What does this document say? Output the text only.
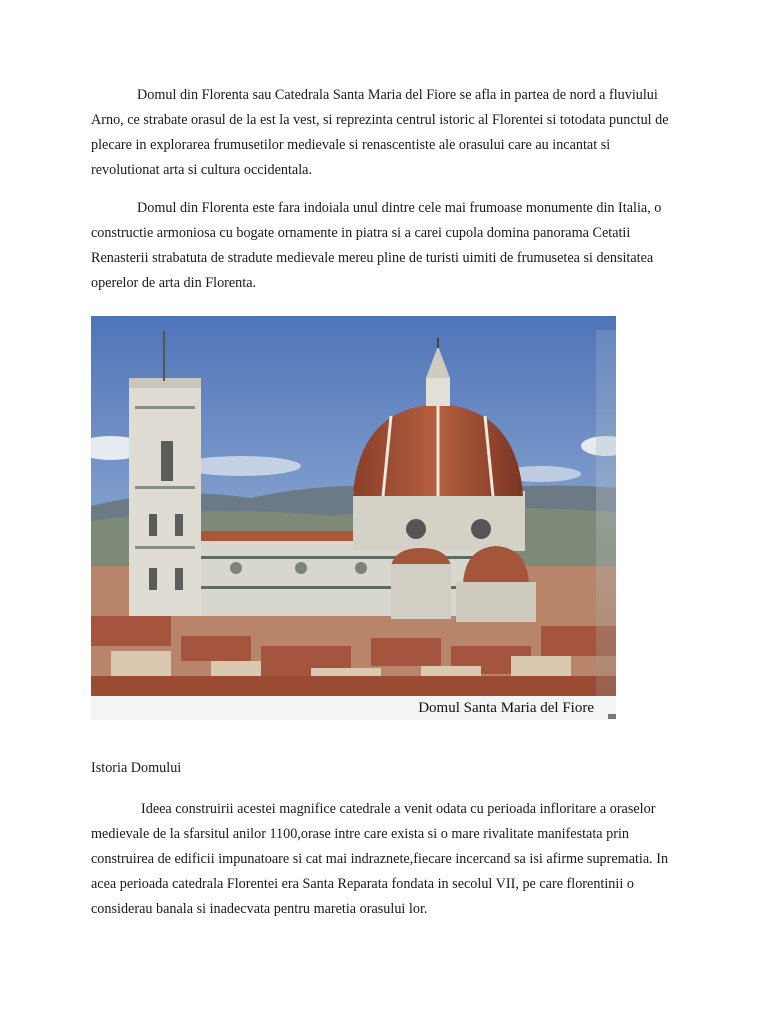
Domul din Florenta sau Catedrala Santa Maria del Fiore se afla in partea de nord a fluviului Arno, ce strabate orasul de la est la vest, si reprezinta centrul istoric al Florentei si totodata punctul de plecare in explorarea frumusetilor medievale si renascentiste ale orasului care au incantat si revolutionat arta si cultura occidentala.

Domul din Florenta este fara indoiala unul dintre cele mai frumoase monumente din Italia, o constructie armoniosa cu bogate ornamente in piatra si a carei cupola domina panorama Cetatii Renasterii strabatuta de stradute medievale mereu pline de turisti uimiti de frumusetea si densitatea operelor de arta din Florenta.

Domul Santa Maria del Fiore
Istoria Domului

Ideea construirii acestei magnifice catedrale a venit odata cu perioada infloritare a oraselor medievale de la sfarsitul anilor 1100,orase intre care exista si o mare rivalitate manifestata prin construirea de edificii impunatoare si cat mai indraznete,fiecare incercand sa isi afirme suprematia. In acea perioada catedrala Florentei era Santa Reparata fondata in secolul VII, pe care florentinii o considerau banala si inadecvata pentru maretia orasului lor.
